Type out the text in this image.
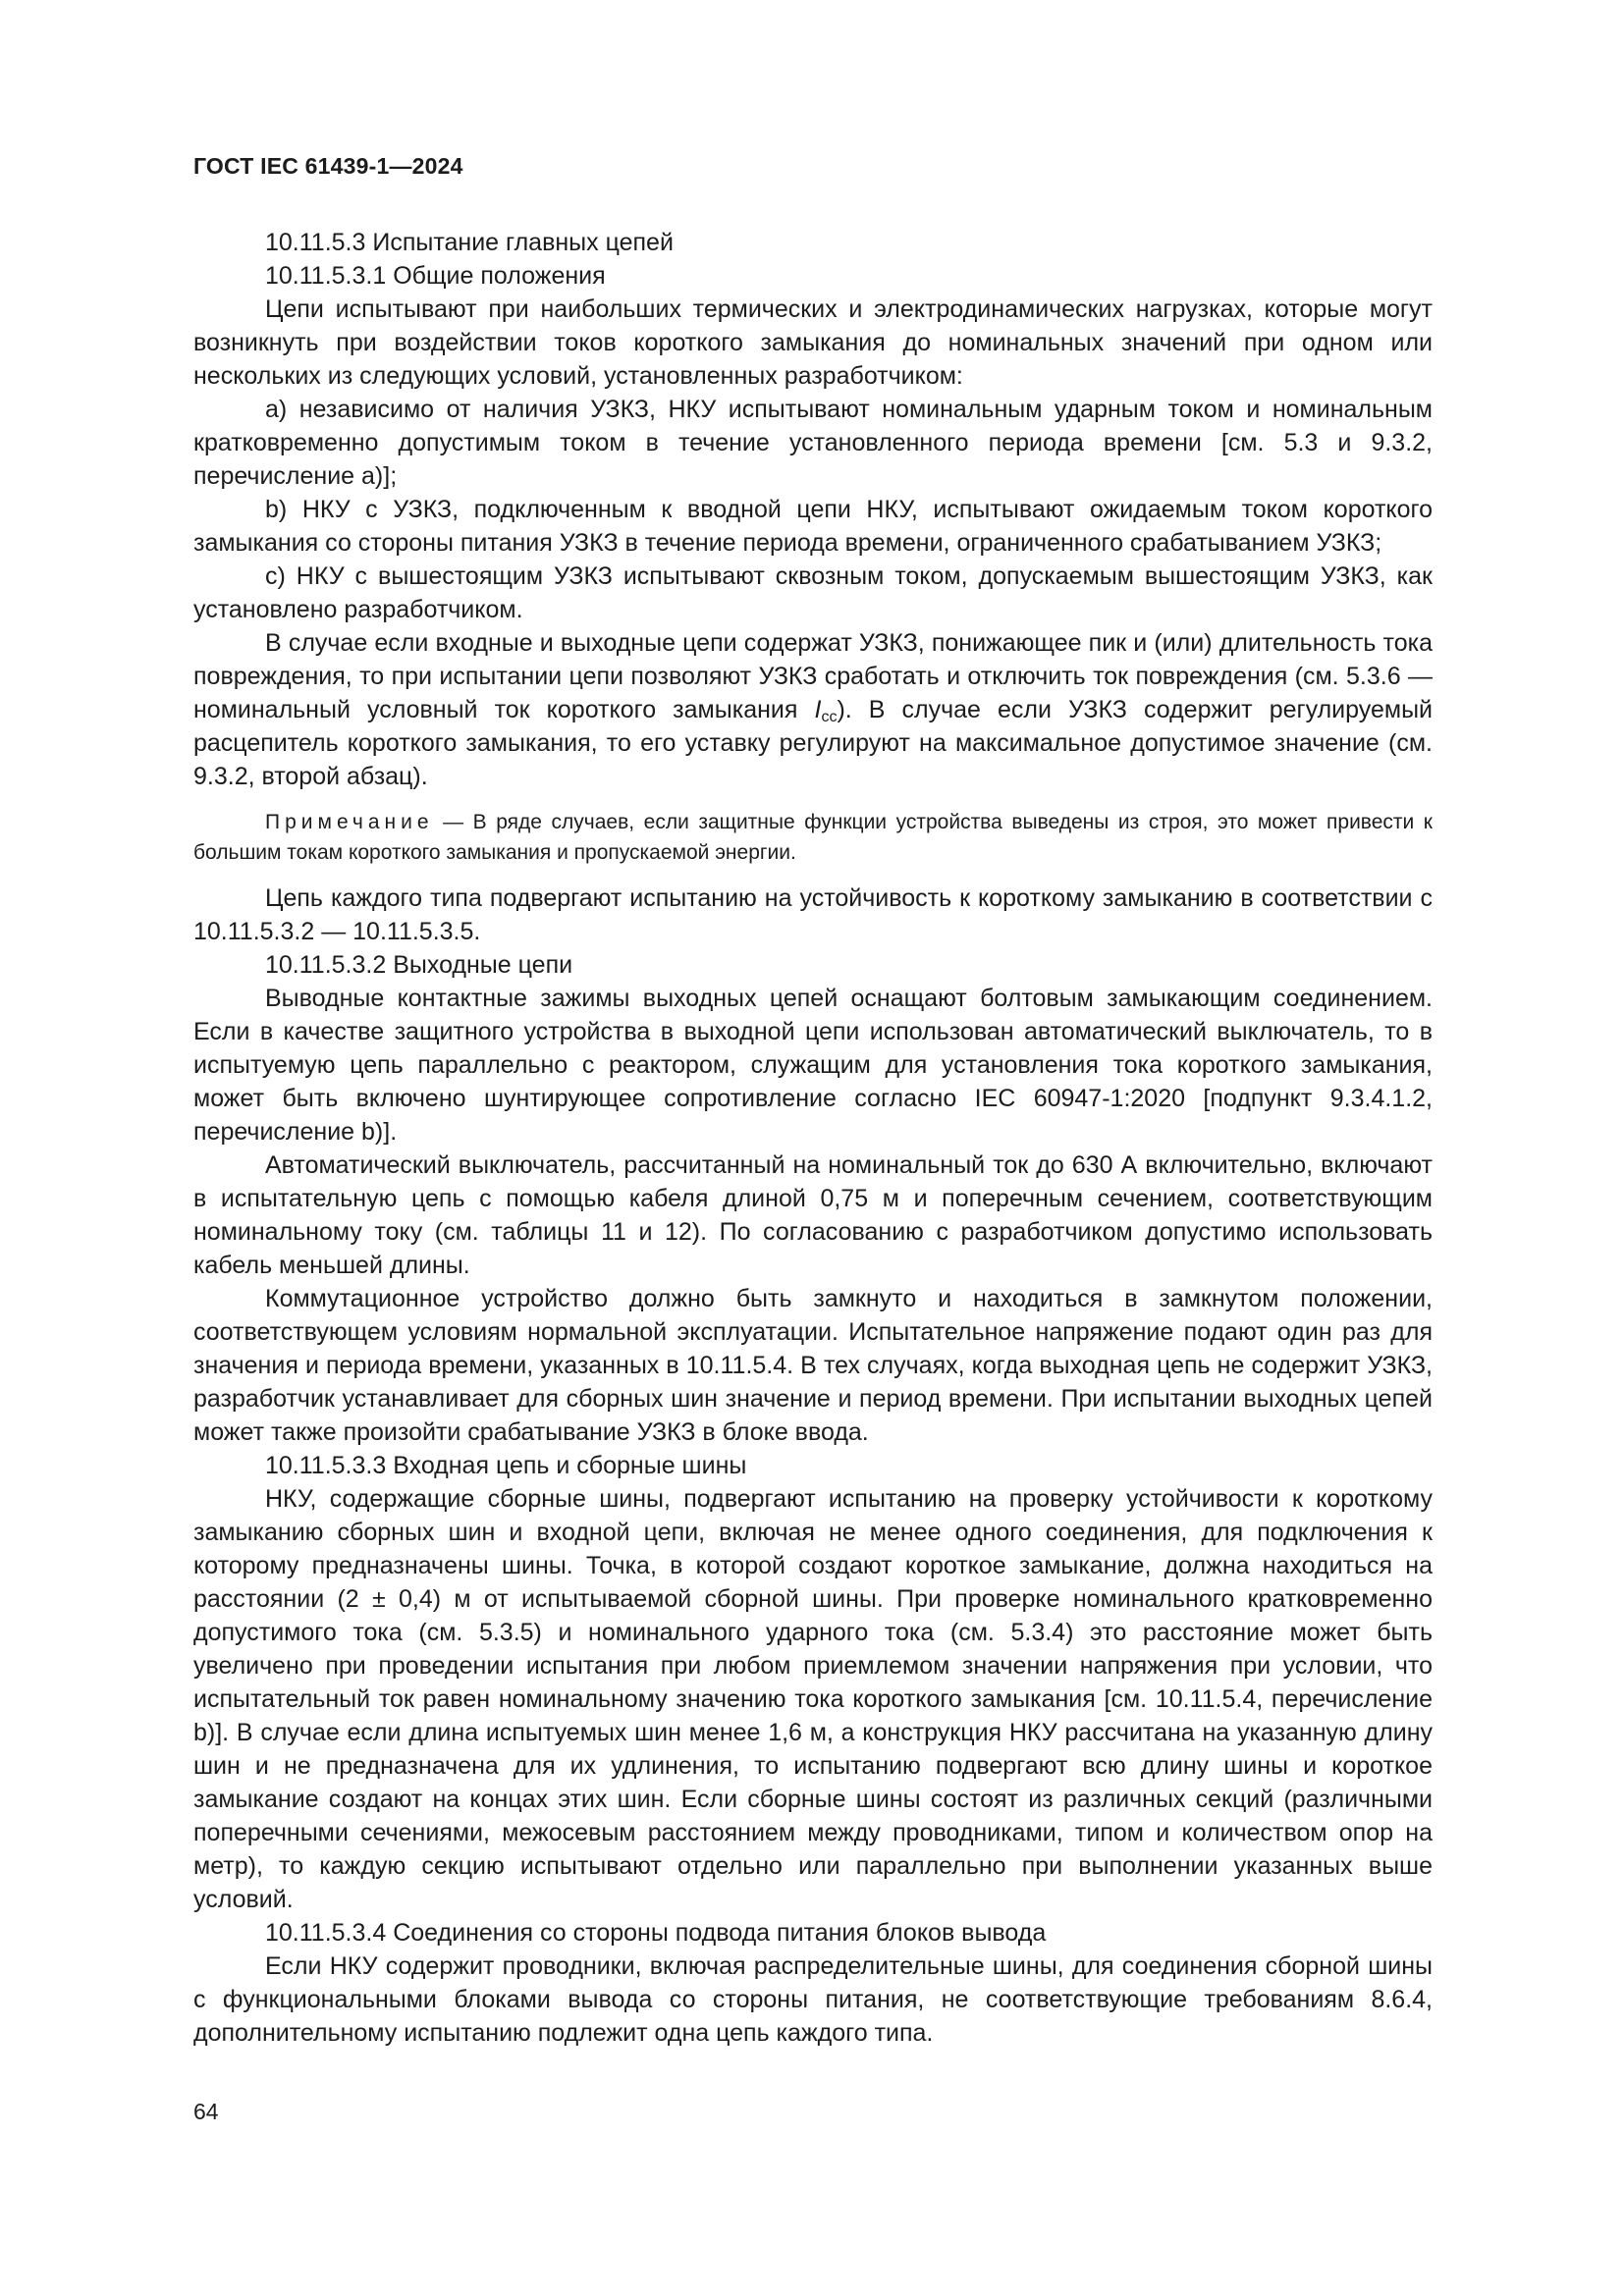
ГОСТ IEC 61439-1—2024

10.11.5.3 Испытание главных цепей

10.11.5.3.1 Общие положения

Цепи испытывают при наибольших термических и электродинамических нагрузках, которые могут возникнуть при воздействии токов короткого замыкания до номинальных значений при одном или нескольких из следующих условий, установленных разработчиком:

a) независимо от наличия УЗКЗ, НКУ испытывают номинальным ударным током и номинальным кратковременно допустимым током в течение установленного периода времени [см. 5.3 и 9.3.2, перечисление a)];

b) НКУ с УЗКЗ, подключенным к вводной цепи НКУ, испытывают ожидаемым током короткого замыкания со стороны питания УЗКЗ в течение периода времени, ограниченного срабатыванием УЗКЗ;

c) НКУ с вышестоящим УЗКЗ испытывают сквозным током, допускаемым вышестоящим УЗКЗ, как установлено разработчиком.

В случае если входные и выходные цепи содержат УЗКЗ, понижающее пик и (или) длительность тока повреждения, то при испытании цепи позволяют УЗКЗ сработать и отключить ток повреждения (см. 5.3.6 — номинальный условный ток короткого замыкания $I_{cc}$). В случае если УЗКЗ содержит регулируемый расцепитель короткого замыкания, то его уставку регулируют на максимальное допустимое значение (см. 9.3.2, второй абзац).

Примечание — В ряде случаев, если защитные функции устройства выведены из строя, это может привести к большим токам короткого замыкания и пропускаемой энергии.

Цепь каждого типа подвергают испытанию на устойчивость к короткому замыканию в соответствии с 10.11.5.3.2 — 10.11.5.3.5.

10.11.5.3.2 Выходные цепи

Выводные контактные зажимы выходных цепей оснащают болтовым замыкающим соединением. Если в качестве защитного устройства в выходной цепи использован автоматический выключатель, то в испытуемую цепь параллельно с реактором, служащим для установления тока короткого замыкания, может быть включено шунтирующее сопротивление согласно IEC 60947-1:2020 [подпункт 9.3.4.1.2, перечисление b)].

Автоматический выключатель, рассчитанный на номинальный ток до 630 А включительно, включают в испытательную цепь с помощью кабеля длиной 0,75 м и поперечным сечением, соответствующим номинальному току (см. таблицы 11 и 12). По согласованию с разработчиком допустимо использовать кабель меньшей длины.

Коммутационное устройство должно быть замкнуто и находиться в замкнутом положении, соответствующем условиям нормальной эксплуатации. Испытательное напряжение подают один раз для значения и периода времени, указанных в 10.11.5.4. В тех случаях, когда выходная цепь не содержит УЗКЗ, разработчик устанавливает для сборных шин значение и период времени. При испытании выходных цепей может также произойти срабатывание УЗКЗ в блоке ввода.

10.11.5.3.3 Входная цепь и сборные шины

НКУ, содержащие сборные шины, подвергают испытанию на проверку устойчивости к короткому замыканию сборных шин и входной цепи, включая не менее одного соединения, для подключения к которому предназначены шины. Точка, в которой создают короткое замыкание, должна находиться на расстоянии (2 ± 0,4) м от испытываемой сборной шины. При проверке номинального кратковременно допустимого тока (см. 5.3.5) и номинального ударного тока (см. 5.3.4) это расстояние может быть увеличено при проведении испытания при любом приемлемом значении напряжения при условии, что испытательный ток равен номинальному значению тока короткого замыкания [см. 10.11.5.4, перечисление b)]. В случае если длина испытуемых шин менее 1,6 м, а конструкция НКУ рассчитана на указанную длину шин и не предназначена для их удлинения, то испытанию подвергают всю длину шины и короткое замыкание создают на концах этих шин. Если сборные шины состоят из различных секций (различными поперечными сечениями, межосевым расстоянием между проводниками, типом и количеством опор на метр), то каждую секцию испытывают отдельно или параллельно при выполнении указанных выше условий.

10.11.5.3.4 Соединения со стороны подвода питания блоков вывода

Если НКУ содержит проводники, включая распределительные шины, для соединения сборной шины с функциональными блоками вывода со стороны питания, не соответствующие требованиям 8.6.4, дополнительному испытанию подлежит одна цепь каждого типа.

64
